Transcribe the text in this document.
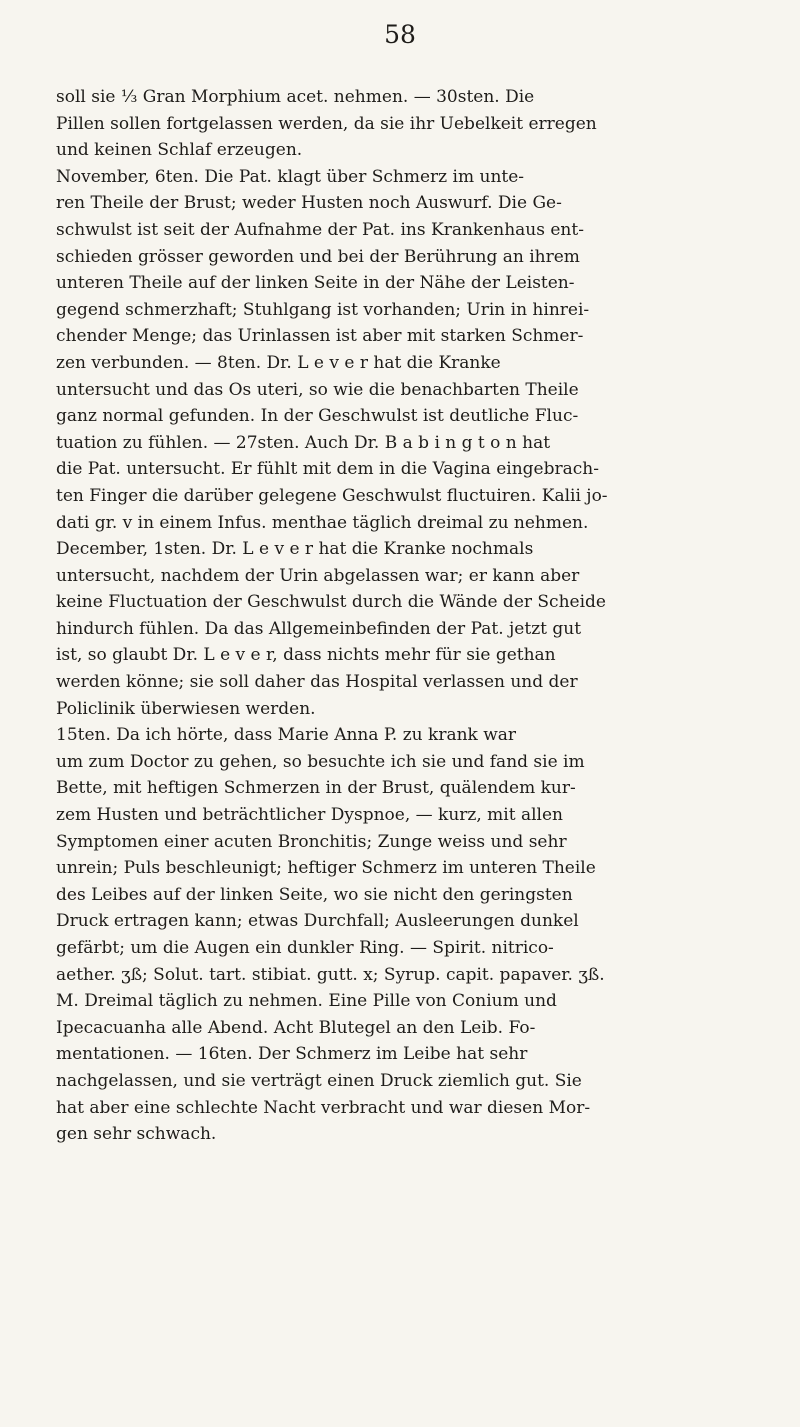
58
soll sie ⅓ Gran Morphium acet. nehmen. — 30sten. Die
Pillen sollen fortgelassen werden, da sie ihr Uebelkeit erregen
und keinen Schlaf erzeugen.
November, 6ten. Die Pat. klagt über Schmerz im unte-
ren Theile der Brust; weder Husten noch Auswurf. Die Ge-
schwulst ist seit der Aufnahme der Pat. ins Krankenhaus ent-
schieden grösser geworden und bei der Berührung an ihrem
unteren Theile auf der linken Seite in der Nähe der Leisten-
gegend schmerzhaft; Stuhlgang ist vorhanden; Urin in hinrei-
chender Menge; das Urinlassen ist aber mit starken Schmer-
zen verbunden. — 8ten. Dr. L e v e r hat die Kranke
untersucht und das Os uteri, so wie die benachbarten Theile
ganz normal gefunden. In der Geschwulst ist deutliche Fluc-
tuation zu fühlen. — 27sten. Auch Dr. B a b i n g t o n hat
die Pat. untersucht. Er fühlt mit dem in die Vagina eingebrach-
ten Finger die darüber gelegene Geschwulst fluctuiren. Kalii jo-
dati gr. v in einem Infus. menthae täglich dreimal zu nehmen.
December, 1sten. Dr. L e v e r hat die Kranke nochmals
untersucht, nachdem der Urin abgelassen war; er kann aber
keine Fluctuation der Geschwulst durch die Wände der Scheide
hindurch fühlen. Da das Allgemeinbefinden der Pat. jetzt gut
ist, so glaubt Dr. L e v e r, dass nichts mehr für sie gethan
werden könne; sie soll daher das Hospital verlassen und der
Policlinik überwiesen werden.
15ten. Da ich hörte, dass Marie Anna P. zu krank war
um zum Doctor zu gehen, so besuchte ich sie und fand sie im
Bette, mit heftigen Schmerzen in der Brust, quälendem kur-
zem Husten und beträchtlicher Dyspnoe, — kurz, mit allen
Symptomen einer acuten Bronchitis; Zunge weiss und sehr
unrein; Puls beschleunigt; heftiger Schmerz im unteren Theile
des Leibes auf der linken Seite, wo sie nicht den geringsten
Druck ertragen kann; etwas Durchfall; Ausleerungen dunkel
gefärbt; um die Augen ein dunkler Ring. — Spirit. nitrico-
aether. ʒß; Solut. tart. stibiat. gutt. x; Syrup. capit. papaver. ʒß.
M. Dreimal täglich zu nehmen. Eine Pille von Conium und
Ipecacuanha alle Abend. Acht Blutegel an den Leib. Fo-
mentationen. — 16ten. Der Schmerz im Leibe hat sehr
nachgelassen, und sie verträgt einen Druck ziemlich gut. Sie
hat aber eine schlechte Nacht verbracht und war diesen Mor-
gen sehr schwach.
